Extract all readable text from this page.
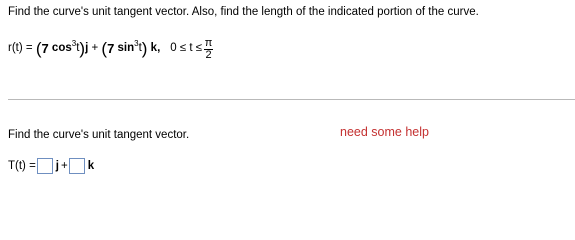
Find the curve's unit tangent vector. Also, find the length of the indicated portion of the curve.
r(t) =
( 7
$\cos^3 t$ ) j
+
( 7
$\sin^3 t$ )
k, $0 \le t \le \frac{\pi}{2}$
Find the curve's unit tangent vector.	need some help
T(t) = j + k
